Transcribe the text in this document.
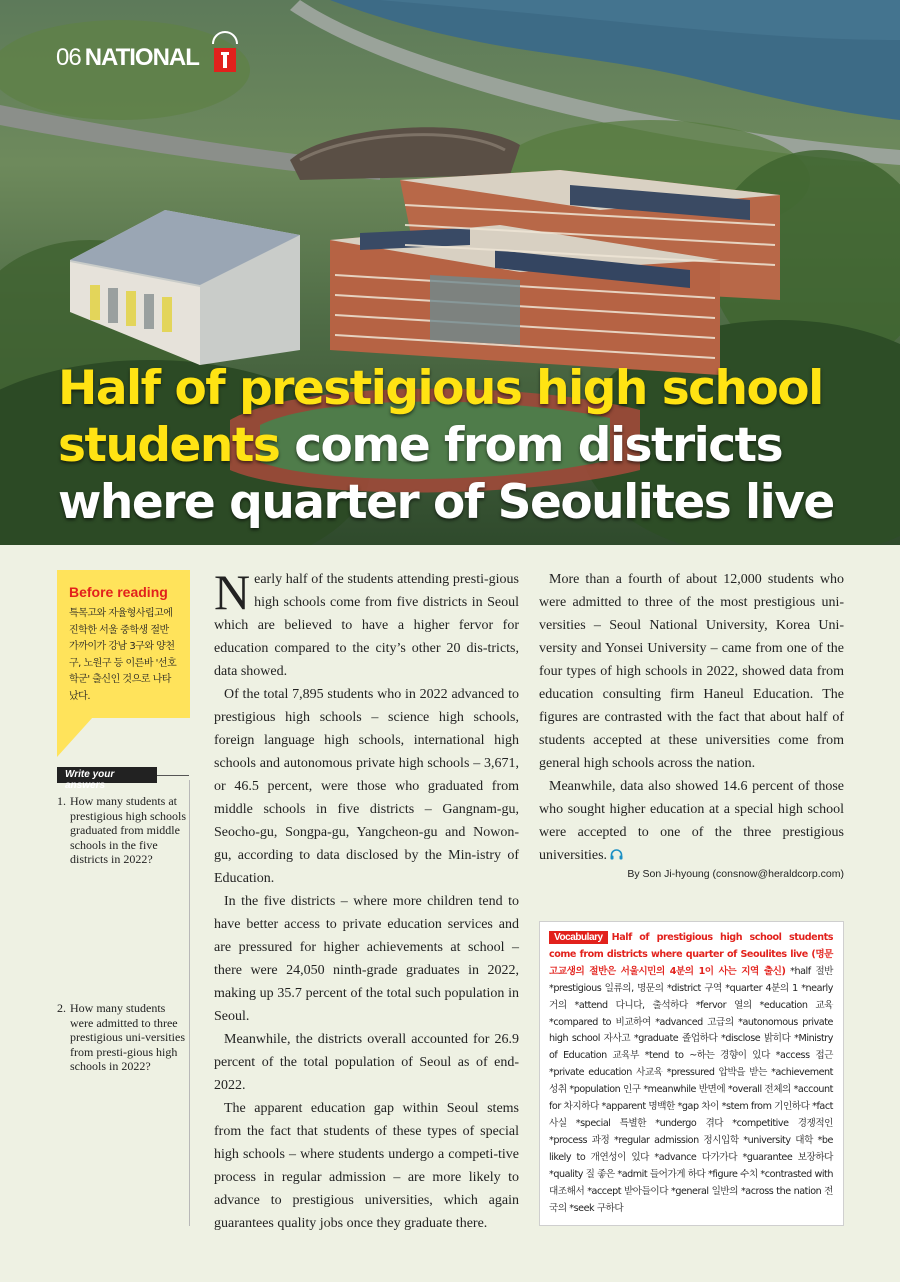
06 NATIONAL
Half of prestigious high school
students come from districts
where quarter of Seoulites live
Before reading
특목고와 자율형사립고에 진학한 서울 중학생 절반 가까이가 강남 3구와 양천구, 노원구 등 이른바 '선호 학군' 출신인 것으로 나타났다.
Write your answers
1. How many students at prestigious high schools graduated from middle schools in the five districts in 2022?
2. How many students were admitted to three prestigious uni-versities from presti-gious high schools in 2022?

Nearly half of the students attending presti-gious high schools come from five districts in Seoul which are believed to have a higher fervor for education compared to the city’s other 20 dis-tricts, data showed.

Of the total 7,895 students who in 2022 advanced to prestigious high schools – science high schools, foreign language high schools, international high schools and autonomous private high schools – 3,671, or 46.5 percent, were those who graduated from middle schools in five districts – Gangnam-gu, Seocho-gu, Songpa-gu, Yangcheon-gu and Nowon-gu, according to data disclosed by the Min-istry of Education.

In the five districts – where more children tend to have better access to private education services and are pressured for higher achievements at school – there were 24,050 ninth-grade graduates in 2022, making up 35.7 percent of the total such population in Seoul.

Meanwhile, the districts overall accounted for 26.9 percent of the total population of Seoul as of end-2022.

The apparent education gap within Seoul stems from the fact that students of these types of special high schools – where students undergo a competi-tive process in regular admission – are more likely to advance to prestigious universities, which again guarantees quality jobs once they graduate there.

More than a fourth of about 12,000 students who were admitted to three of the most prestigious uni-versities – Seoul National University, Korea Uni-versity and Yonsei University – came from one of the four types of high schools in 2022, showed data from education consulting firm Haneul Education. The figures are contrasted with the fact that about half of students accepted at these universities come from general high schools across the nation.

Meanwhile, data also showed 14.6 percent of those who sought higher education at a special high school were accepted to one of the three prestigious universities.

By Son Ji-hyoung (consnow@heraldcorp.com)
Vocabulary Half of prestigious high school students come from districts where quarter of Seoulites live (명문 고교생의 절반은 서울시민의 4분의 1이 사는 지역 출신) *half 절반 *prestigious 일류의, 명문의 *district 구역 *quarter 4분의 1 *nearly 거의 *attend 다니다, 출석하다 *fervor 열의 *education 교육 *compared to 비교하여 *advanced 고급의 *autonomous private high school 자사고 *graduate 졸업하다 *disclose 밝히다 *Ministry of Education 교육부 *tend to ~하는 경향이 있다 *access 접근 *private education 사교육 *pressured 압박을 받는 *achievement 성취 *population 인구 *meanwhile 반면에 *overall 전체의 *account for 차지하다 *apparent 명백한 *gap 차이 *stem from 기인하다 *fact 사실 *special 특별한 *undergo 겪다 *competitive 경쟁적인 *process 과정 *regular admission 정시입학 *university 대학 *be likely to 개연성이 있다 *advance 다가가다 *guarantee 보장하다 *quality 질 좋은 *admit 들어가게 하다 *figure 수치 *contrasted with 대조해서 *accept 받아들이다 *general 일반의 *across the nation 전국의 *seek 구하다
